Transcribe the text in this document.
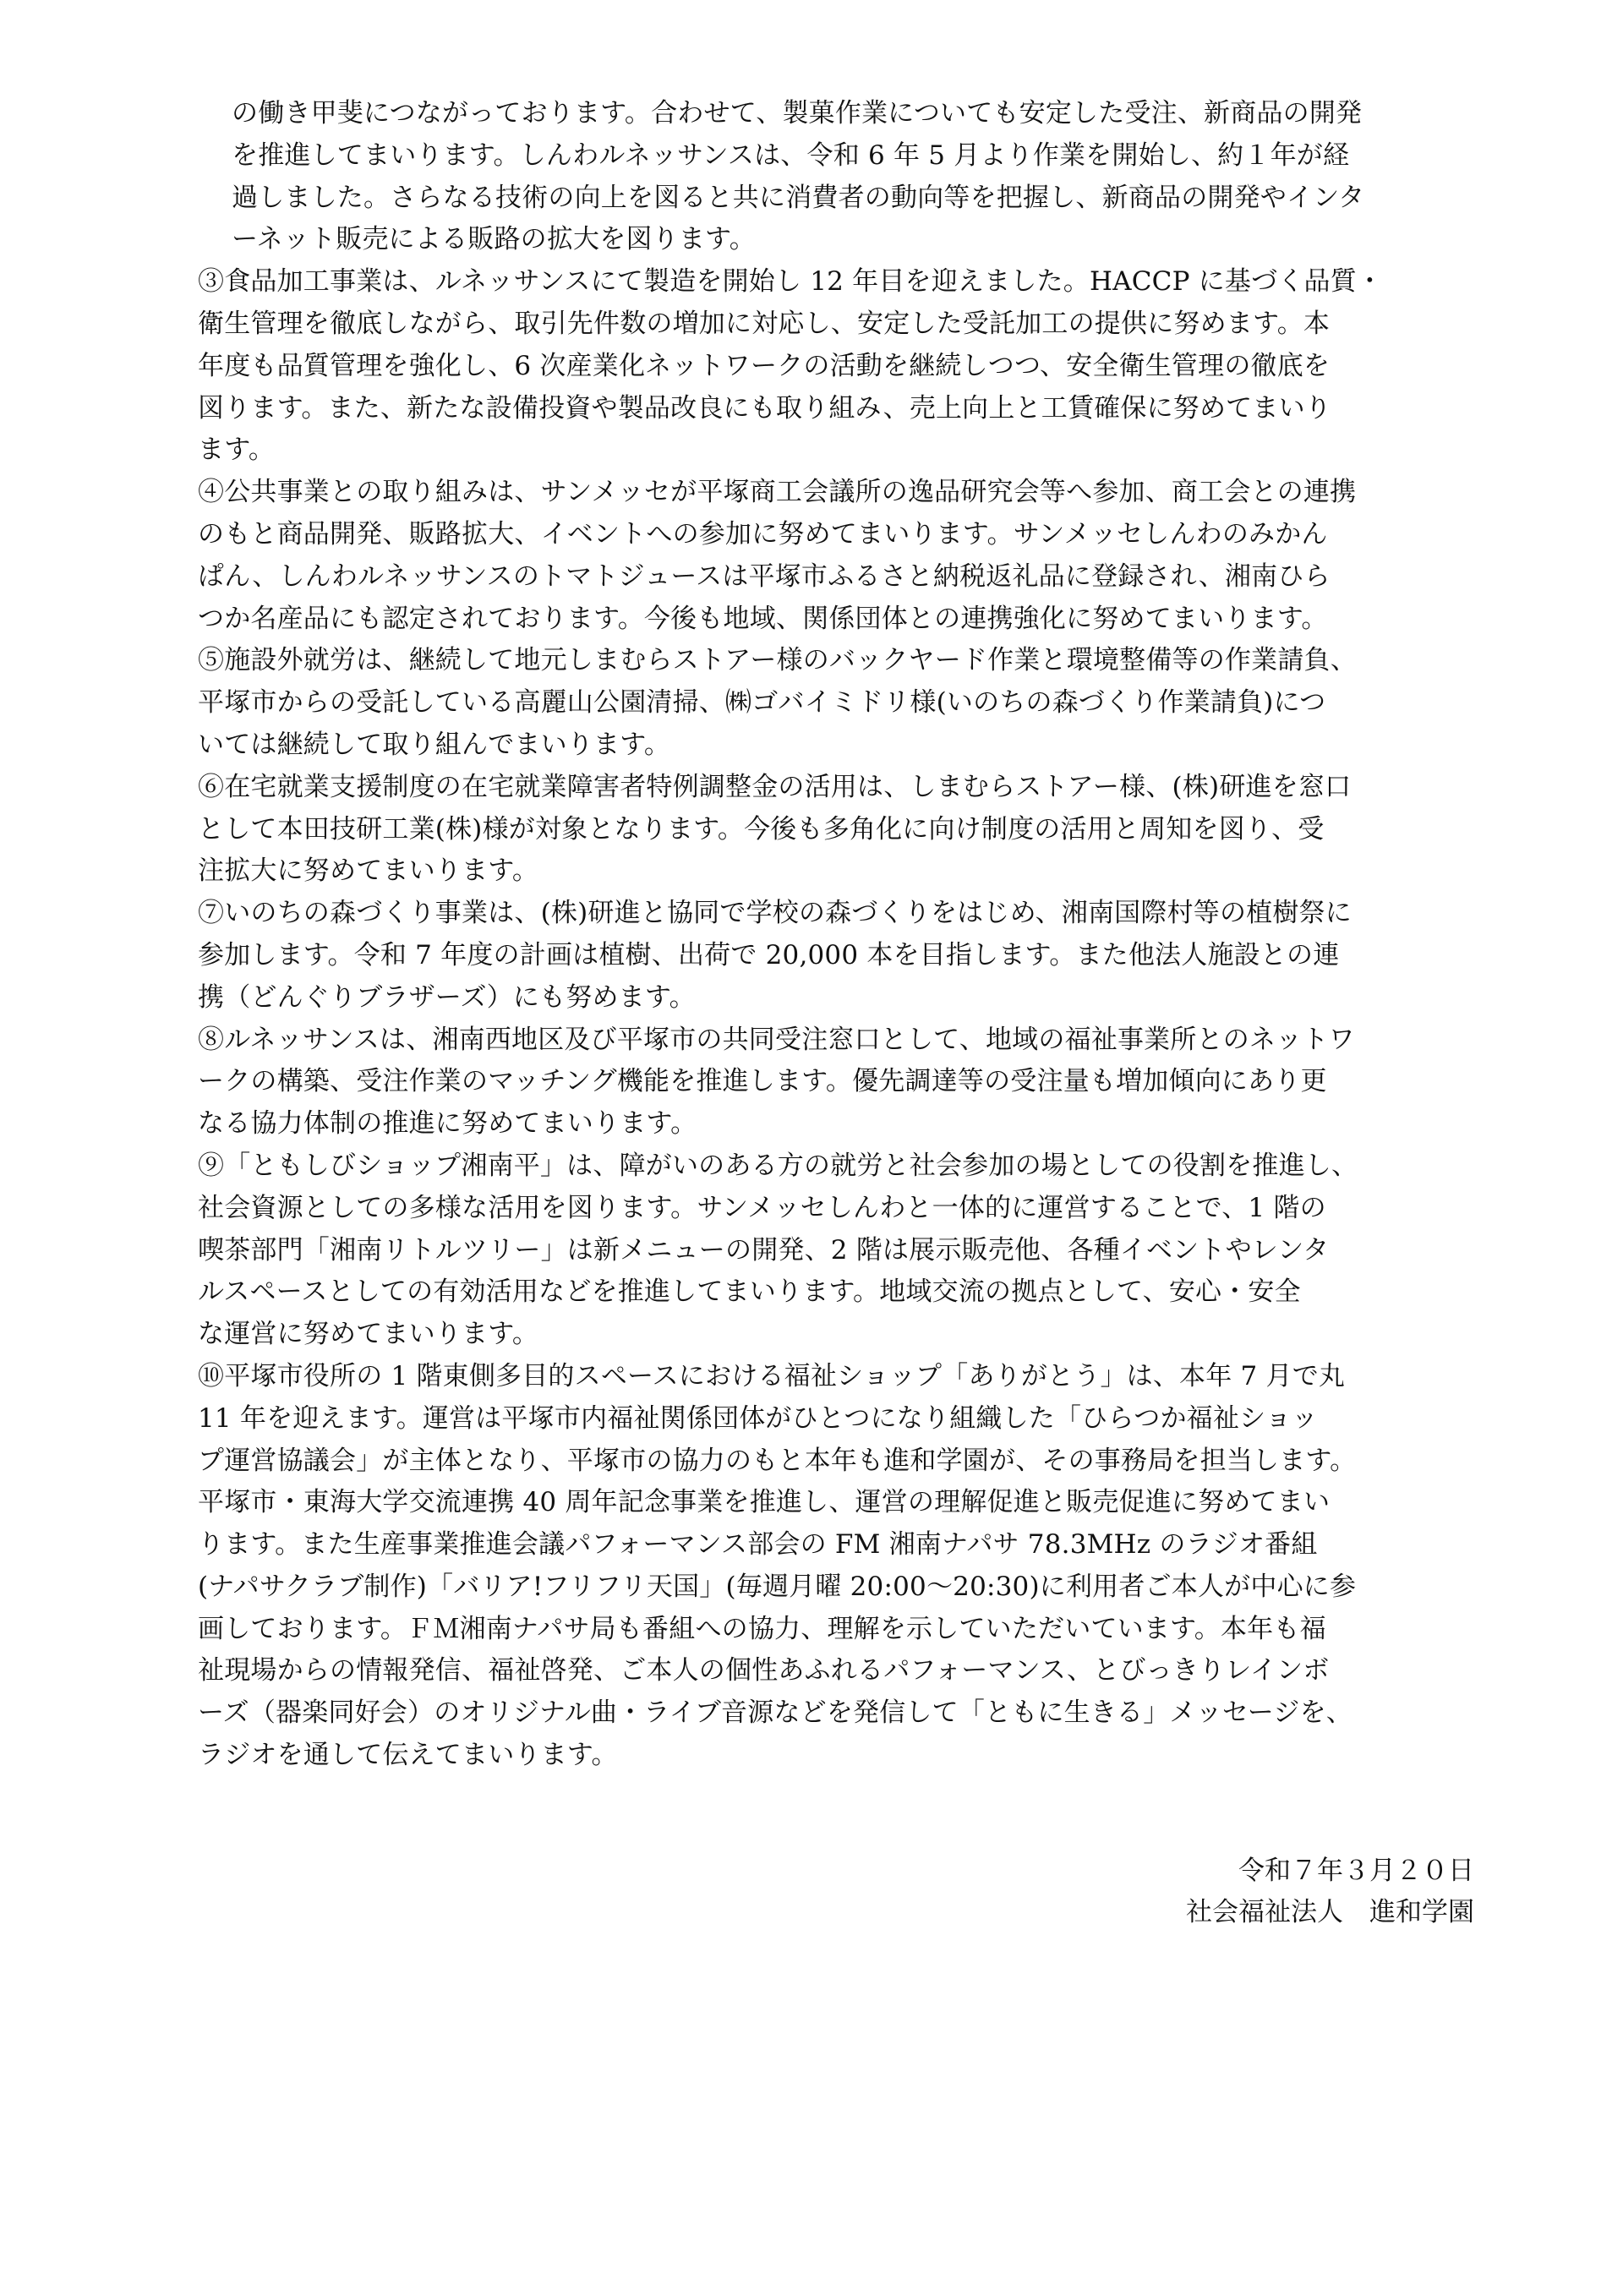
の働き甲斐につながっております。合わせて、製菓作業についても安定した受注、新商品の開発
を推進してまいります。しんわルネッサンスは、令和 6 年 5 月より作業を開始し、約１年が経
過しました。さらなる技術の向上を図ると共に消費者の動向等を把握し、新商品の開発やインタ
ーネット販売による販路の拡大を図ります。

③食品加工事業は、ルネッサンスにて製造を開始し 12 年目を迎えました。HACCP に基づく品質・
衛生管理を徹底しながら、取引先件数の増加に対応し、安定した受託加工の提供に努めます。本
年度も品質管理を強化し、6 次産業化ネットワークの活動を継続しつつ、安全衛生管理の徹底を
図ります。また、新たな設備投資や製品改良にも取り組み、売上向上と工賃確保に努めてまいり
ます。

④公共事業との取り組みは、サンメッセが平塚商工会議所の逸品研究会等へ参加、商工会との連携
のもと商品開発、販路拡大、イベントへの参加に努めてまいります。サンメッセしんわのみかん
ぱん、しんわルネッサンスのトマトジュースは平塚市ふるさと納税返礼品に登録され、湘南ひら
つか名産品にも認定されております。今後も地域、関係団体との連携強化に努めてまいります。

⑤施設外就労は、継続して地元しまむらストアー様のバックヤード作業と環境整備等の作業請負、
平塚市からの受託している高麗山公園清掃、㈱ゴバイミドリ様(いのちの森づくり作業請負)につ
いては継続して取り組んでまいります。

⑥在宅就業支援制度の在宅就業障害者特例調整金の活用は、しまむらストアー様、(株)研進を窓口
として本田技研工業(株)様が対象となります。今後も多角化に向け制度の活用と周知を図り、受
注拡大に努めてまいります。

⑦いのちの森づくり事業は、(株)研進と協同で学校の森づくりをはじめ、湘南国際村等の植樹祭に
参加します。令和 7 年度の計画は植樹、出荷で 20,000 本を目指します。また他法人施設との連
携（どんぐりブラザーズ）にも努めます。

⑧ルネッサンスは、湘南西地区及び平塚市の共同受注窓口として、地域の福祉事業所とのネットワ
ークの構築、受注作業のマッチング機能を推進します。優先調達等の受注量も増加傾向にあり更
なる協力体制の推進に努めてまいります。

⑨「ともしびショップ湘南平」は、障がいのある方の就労と社会参加の場としての役割を推進し、
社会資源としての多様な活用を図ります。サンメッセしんわと一体的に運営することで、1 階の
喫茶部門「湘南リトルツリー」は新メニューの開発、2 階は展示販売他、各種イベントやレンタ
ルスペースとしての有効活用などを推進してまいります。地域交流の拠点として、安心・安全
な運営に努めてまいります。

⑩平塚市役所の 1 階東側多目的スペースにおける福祉ショップ「ありがとう」は、本年 7 月で丸
11 年を迎えます。運営は平塚市内福祉関係団体がひとつになり組織した「ひらつか福祉ショッ
プ運営協議会」が主体となり、平塚市の協力のもと本年も進和学園が、その事務局を担当します。
平塚市・東海大学交流連携 40 周年記念事業を推進し、運営の理解促進と販売促進に努めてまい
ります。また生産事業推進会議パフォーマンス部会の FM 湘南ナパサ 78.3MHz のラジオ番組
(ナパサクラブ制作)「バリア!フリフリ天国」(毎週月曜 20:00～20:30)に利用者ご本人が中心に参
画しております。ＦＭ湘南ナパサ局も番組への協力、理解を示していただいています。本年も福
祉現場からの情報発信、福祉啓発、ご本人の個性あふれるパフォーマンス、とびっきりレインボ
ーズ（器楽同好会）のオリジナル曲・ライブ音源などを発信して「ともに生きる」メッセージを、
ラジオを通して伝えてまいります。

令和７年３月２０日
社会福祉法人　進和学園
